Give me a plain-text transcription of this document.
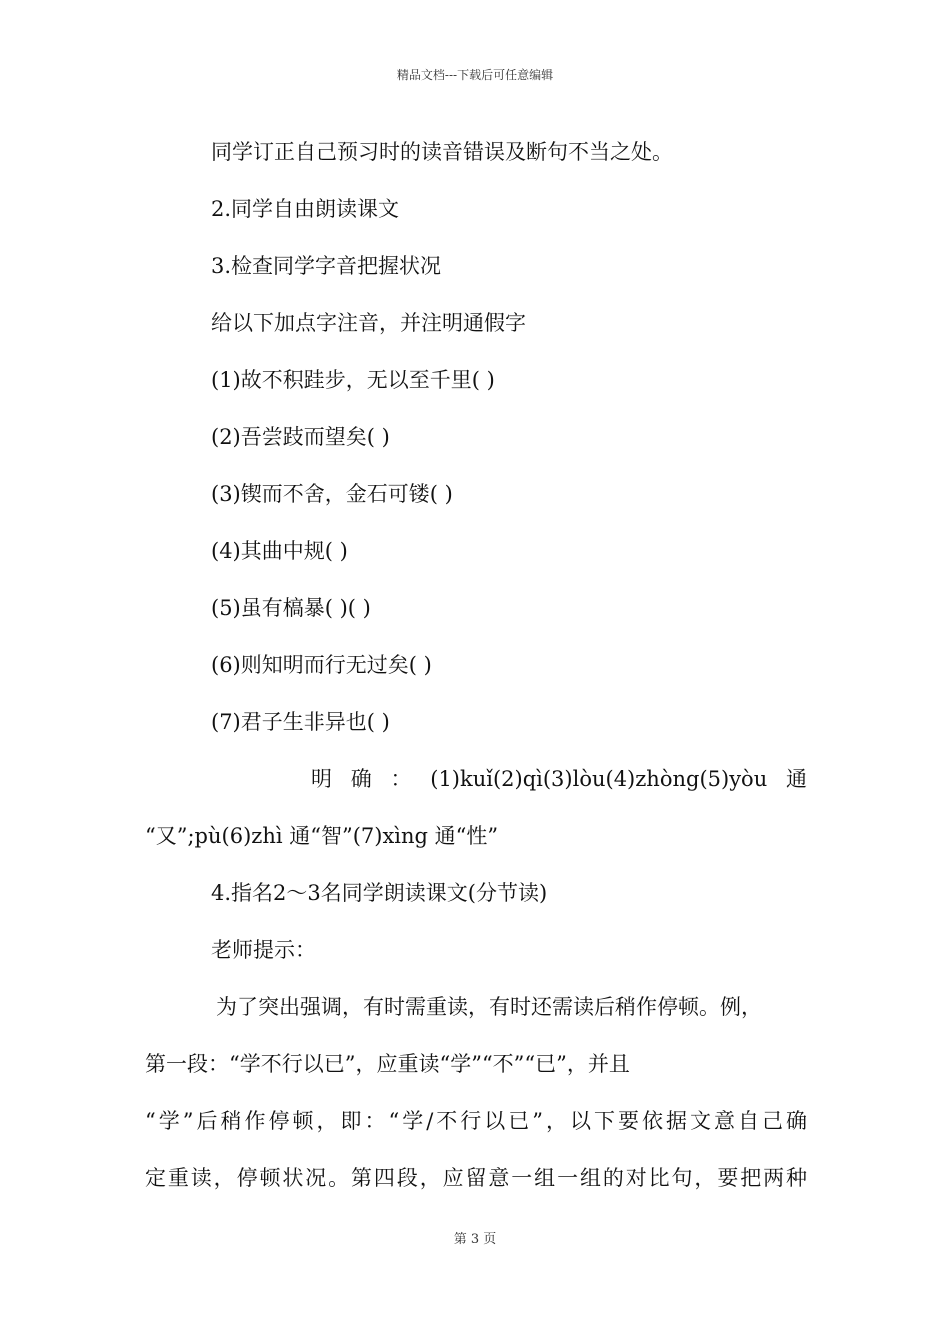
精品文档---下载后可任意编辑
同学订正自己预习时的读音错误及断句不当之处。
2.同学自由朗读课文
3.检查同学字音把握状况
给以下加点字注音，并注明通假字
(1)故不积跬步，无以至千里( )
(2)吾尝跂而望矣( )
(3)锲而不舍，金石可镂( )
(4)其曲中规( )
(5)虽有槁暴( )( )
(6)则知明而行无过矣( )
(7)君子生非异也( )
明 确 ： (1)kuǐ(2)qì(3)lòu(4)zhòng(5)yòu 通
“又”;pù(6)zhì 通“智”(7)xìng 通“性”
4.指名2～3名同学朗读课文(分节读)
老师提示：
为了突出强调，有时需重读，有时还需读后稍作停顿。例，
第一段：“学不行以已”，应重读“学”“不”“已”，并且
“学”后稍作停顿，即：“学/不行以已”，以下要依据文意自己确
定重读，停顿状况。第四段，应留意一组一组的对比句，要把两种
第 3 页
